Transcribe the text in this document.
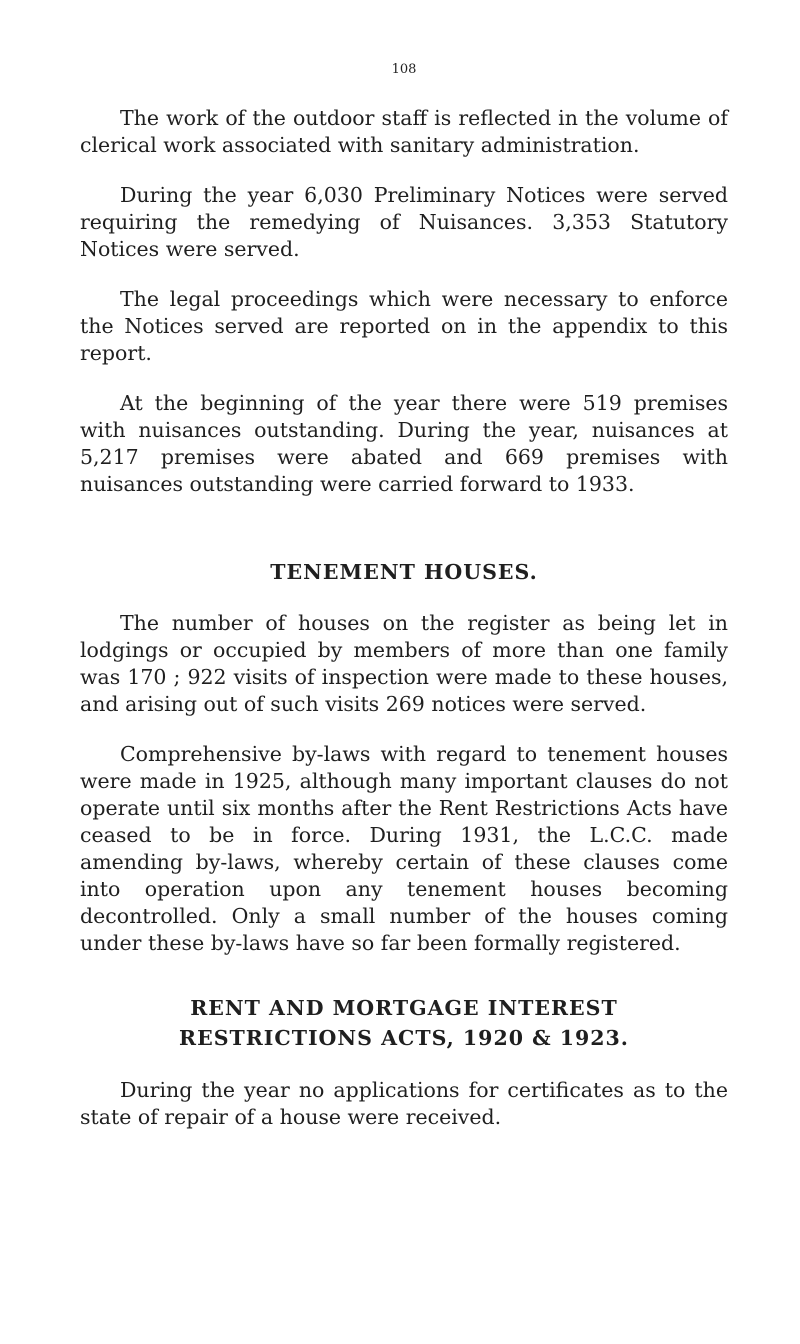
108

The work of the outdoor staff is reflected in the volume of clerical work associated with sanitary administration.

During the year 6,030 Preliminary Notices were served requiring the remedying of Nuisances. 3,353 Statutory Notices were served.

The legal proceedings which were necessary to enforce the Notices served are reported on in the appendix to this report.

At the beginning of the year there were 519 premises with nuisances outstanding. During the year, nuisances at 5,217 premises were abated and 669 premises with nuisances outstanding were carried forward to 1933.

TENEMENT HOUSES.

The number of houses on the register as being let in lodgings or occupied by members of more than one family was 170 ; 922 visits of inspection were made to these houses, and arising out of such visits 269 notices were served.

Comprehensive by-laws with regard to tenement houses were made in 1925, although many important clauses do not operate until six months after the Rent Restrictions Acts have ceased to be in force. During 1931, the L.C.C. made amending by-laws, whereby certain of these clauses come into operation upon any tenement houses becoming decontrolled. Only a small number of the houses coming under these by-laws have so far been formally registered.

RENT AND MORTGAGE INTEREST
RESTRICTIONS ACTS, 1920 & 1923.

During the year no applications for certificates as to the state of repair of a house were received.
